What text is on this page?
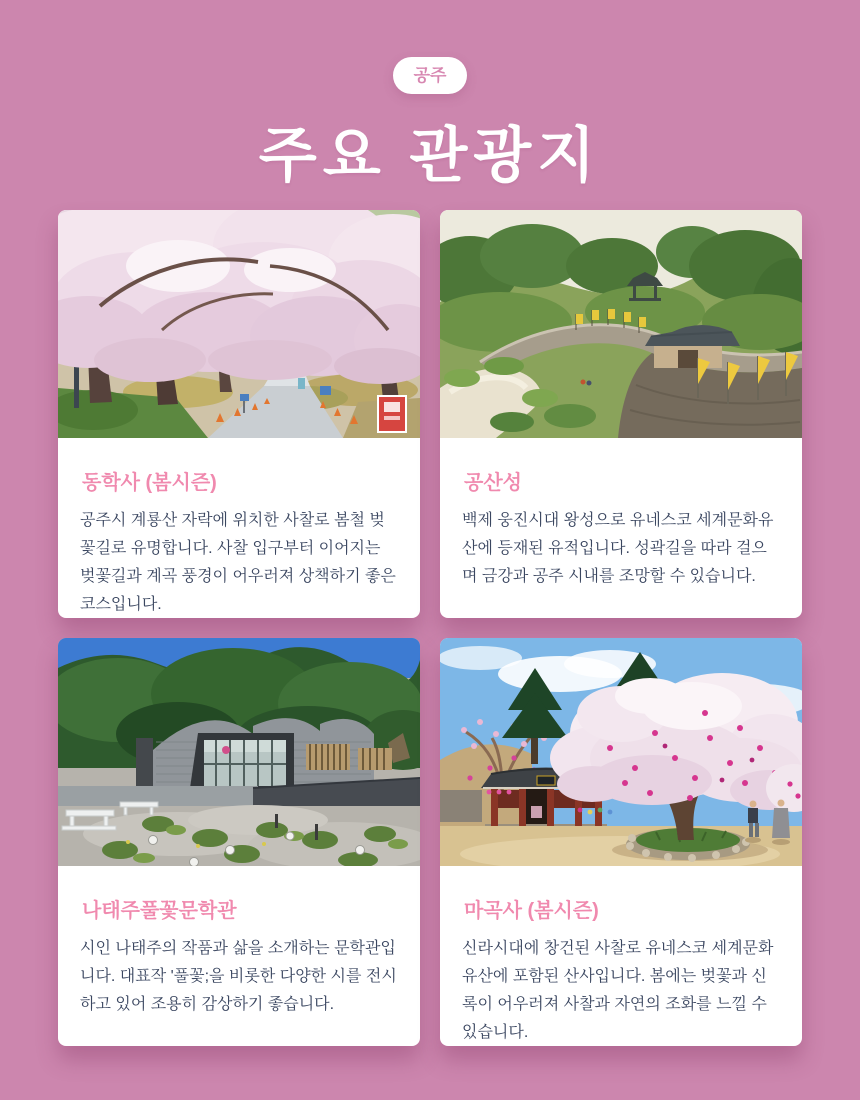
공주
주요 관광지
동학사 (봄시즌)
공주시 계룡산 자락에 위치한 사찰로 봄철 벚꽃길로 유명합니다. 사찰 입구부터 이어지는 벚꽃길과 계곡 풍경이 어우러져 상책하기 좋은 코스입니다.
공산성
백제 웅진시대 왕성으로 유네스코 세계문화유산에 등재된 유적입니다. 성곽길을 따라 걸으며 금강과 공주 시내를 조망할 수 있습니다.
나태주풀꽃문학관
시인 나태주의 작품과 삶을 소개하는 문학관입니다. 대표작 '풀꽃;을 비롯한 다양한 시를 전시하고 있어 조용히 감상하기 좋습니다.
마곡사 (봄시즌)
신라시대에 창건된 사찰로 유네스코 세계문화유산에 포함된 산사입니다. 봄에는 벚꽃과 신록이 어우러져 사찰과 자연의 조화를 느낄 수 있습니다.
